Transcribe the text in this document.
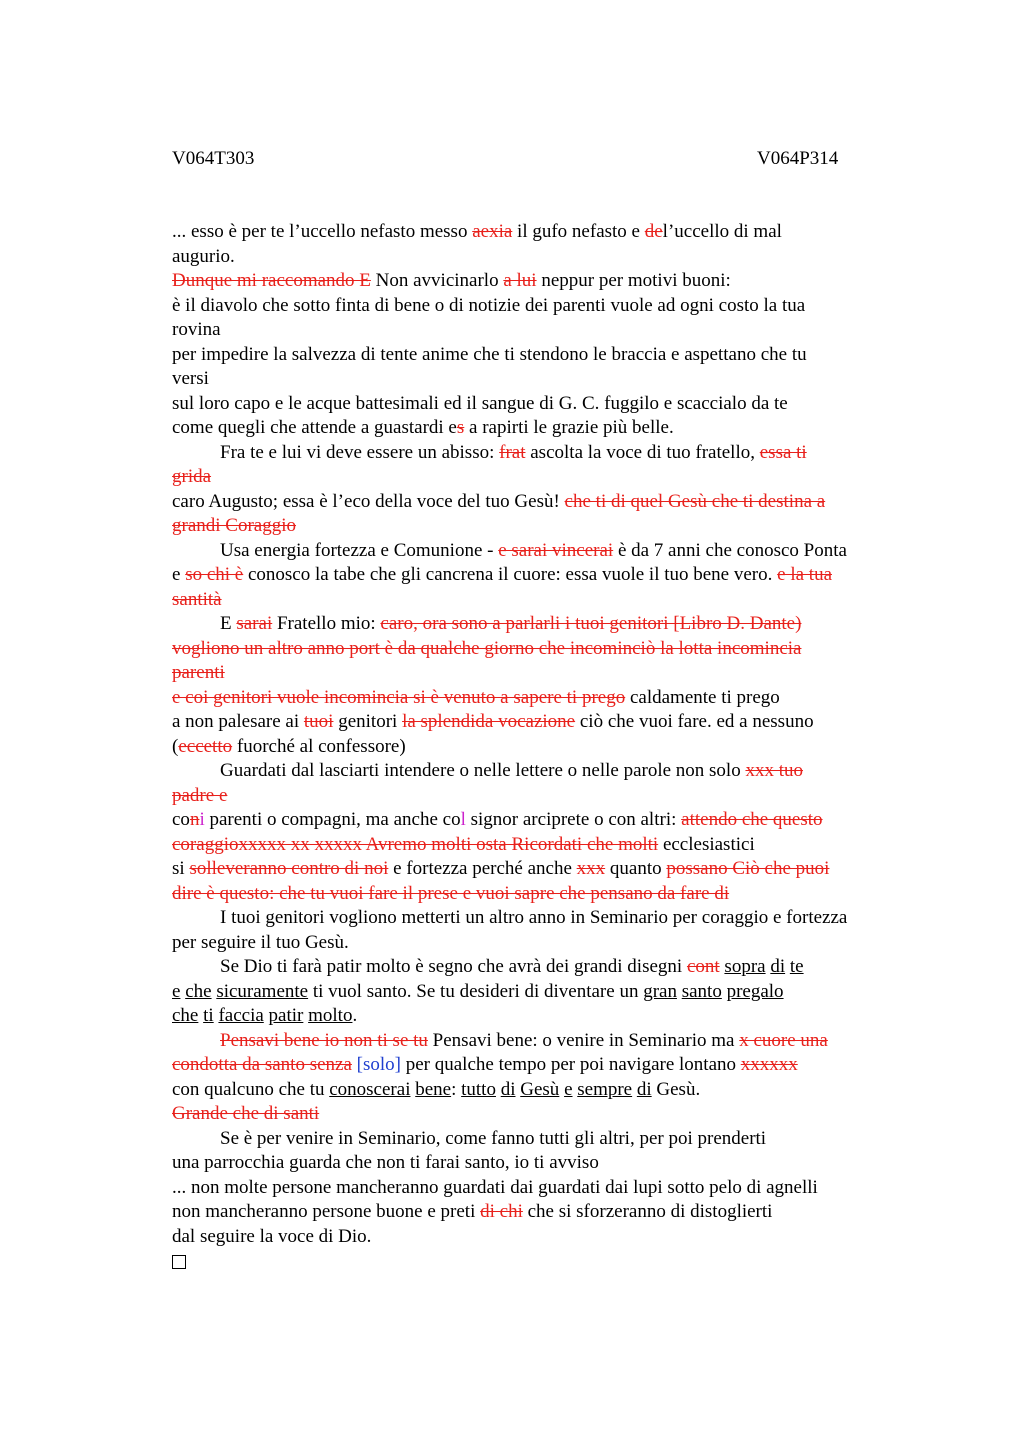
V064T303	V064P314
... esso è per te l’uccello nefasto messo aexia il gufo nefasto e del’uccello di mal
augurio.
Dunque mi raccomando E Non avvicinarlo a lui neppur per motivi buoni:
è il diavolo che sotto finta di bene o di notizie dei parenti vuole ad ogni costo la tua
rovina
per impedire la salvezza di tente anime che ti stendono le braccia e aspettano che tu
versi
sul loro capo e le acque battesimali ed il sangue di G. C. fuggilo e scaccialo da te
come quegli che attende a guastardi es a rapirti le grazie più belle.
Fra te e lui vi deve essere un abisso: frat ascolta la voce di tuo fratello, essa ti
grida
caro Augusto; essa è l’eco della voce del tuo Gesù! che ti di quel Gesù che ti destina a
grandi Coraggio
Usa energia fortezza e Comunione - e sarai vincerai è da 7 anni che conosco Ponta
e so chi è conosco la tabe che gli cancrena il cuore: essa vuole il tuo bene vero. e la tua
santità
E sarai Fratello mio: caro, ora sono a parlarli i tuoi genitori [Libro D. Dante)
vogliono un altro anno port è da qualche giorno che incominciò la lotta incomincia
parenti
e coi genitori vuole incomincia si è venuto a sapere ti prego caldamente ti prego
a non palesare ai tuoi genitori la splendida vocazione ciò che vuoi fare. ed a nessuno
(eccetto fuorché al confessore)
Guardati dal lasciarti intendere o nelle lettere o nelle parole non solo xxx tuo
padre e
coni parenti o compagni, ma anche col signor arciprete o con altri: attendo che questo
coraggioxxxxx xx xxxxx Avremo molti osta Ricordati che molti ecclesiastici
si solleveranno contro di noi e fortezza perché anche xxx quanto possano Ciò che puoi
dire è questo: che tu vuoi fare il prese e vuoi sapre che pensano da fare di
I tuoi genitori vogliono metterti un altro anno in Seminario per coraggio e fortezza
per seguire il tuo Gesù.
Se Dio ti farà patir molto è segno che avrà dei grandi disegni cont sopra di te
e che sicuramente ti vuol santo. Se tu desideri di diventare un gran santo pregalo
che ti faccia patir molto.
Pensavi bene io non ti se tu Pensavi bene: o venire in Seminario ma x cuore una
condotta da santo senza [solo] per qualche tempo per poi navigare lontano xxxxxx
con qualcuno che tu conoscerai bene: tutto di Gesù e sempre di Gesù.
Grande che di santi
Se è per venire in Seminario, come fanno tutti gli altri, per poi prenderti
una parrocchia guarda che non ti farai santo, io ti avviso
... non molte persone mancheranno guardati dai guardati dai lupi sotto pelo di agnelli
non mancheranno persone buone e preti di chi che si sforzeranno di distoglierti
dal seguire la voce di Dio.
